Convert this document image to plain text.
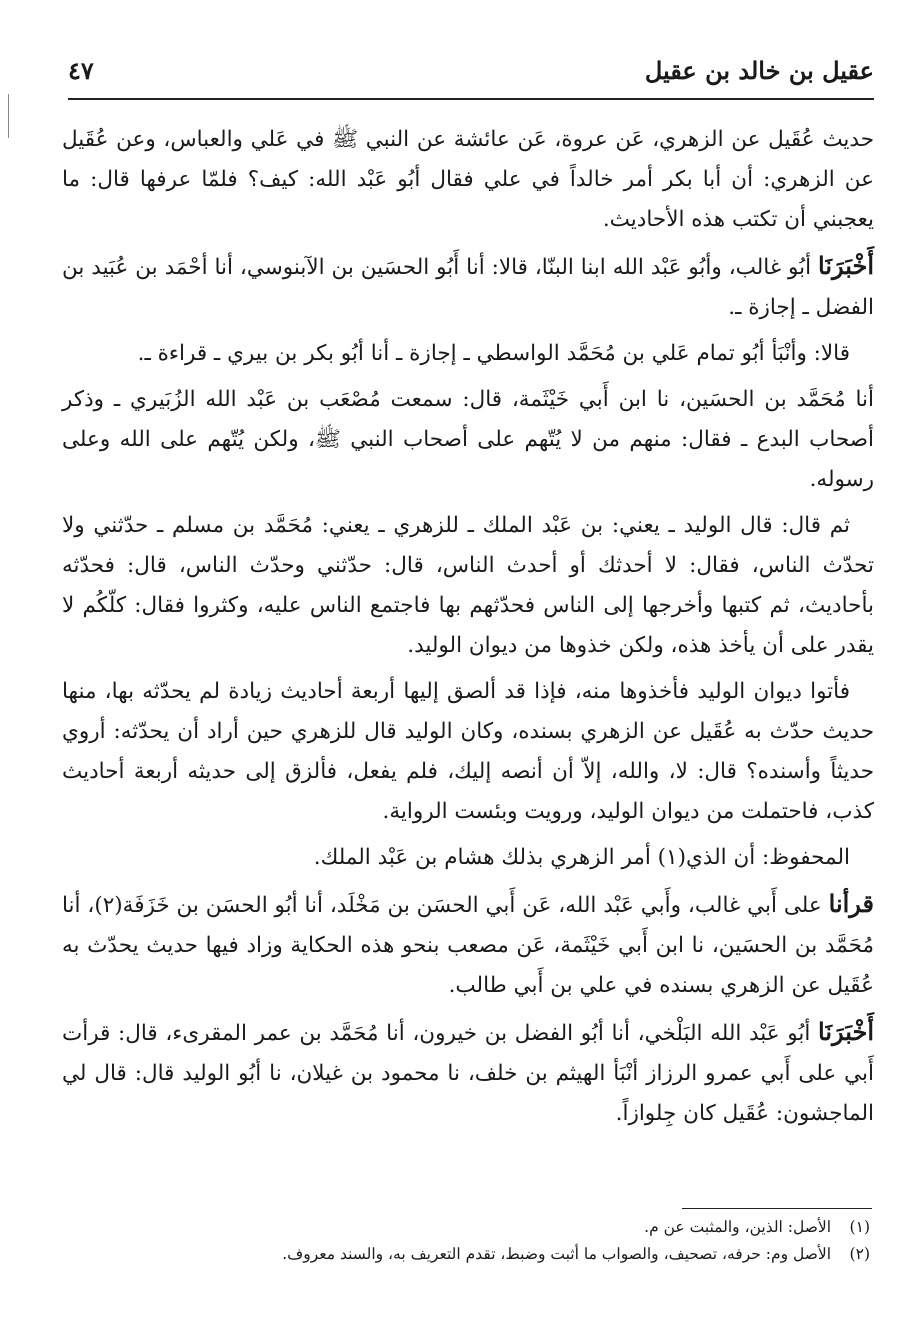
عقيل بن خالد بن عقيل
٤٧

حديث عُقَيل عن الزهري، عَن عروة، عَن عائشة عن النبي ﷺ في عَلي والعباس، وعن عُقَيل عن الزهري: أن أبا بكر أمر خالداً في علي فقال أبُو عَبْد الله: كيف؟ فلمّا عرفها قال: ما يعجبني أن تكتب هذه الأحاديث.

أَخْبَرَنَا أبُو غالب، وأبُو عَبْد الله ابنا البنّا، قالا: أنا أَبُو الحسَين بن الآبنوسي، أنا أحْمَد بن عُبَيد بن الفضل ـ إجازة ـ.

قالا: وأنْبَأ أبُو تمام عَلي بن مُحَمَّد الواسطي ـ إجازة ـ أنا أبُو بكر بن بيري ـ قراءة ـ.

أنا مُحَمَّد بن الحسَين، نا ابن أَبي خَيْثَمة، قال: سمعت مُصْعَب بن عَبْد الله الزُبَيري ـ وذكر أصحاب البدع ـ فقال: منهم من لا يُتّهم على أصحاب النبي ﷺ، ولكن يُتّهم على الله وعلى رسوله.

ثم قال: قال الوليد ـ يعني: بن عَبْد الملك ـ للزهري ـ يعني: مُحَمَّد بن مسلم ـ حدّثني ولا تحدّث الناس، فقال: لا أحدثك أو أحدث الناس، قال: حدّثني وحدّث الناس، قال: فحدّثه بأحاديث، ثم كتبها وأخرجها إلى الناس فحدّثهم بها فاجتمع الناس عليه، وكثروا فقال: كلّكُم لا يقدر على أن يأخذ هذه، ولكن خذوها من ديوان الوليد.

فأتوا ديوان الوليد فأخذوها منه، فإذا قد ألصق إليها أربعة أحاديث زيادة لم يحدّثه بها، منها حديث حدّث به عُقَيل عن الزهري بسنده، وكان الوليد قال للزهري حين أراد أن يحدّثه: أروي حديثاً وأسنده؟ قال: لا، والله، إلاّ أن أنصه إليك، فلم يفعل، فألزق إلى حديثه أربعة أحاديث كذب، فاحتملت من ديوان الوليد، ورويت وبئست الرواية.

المحفوظ: أن الذي(١) أمر الزهري بذلك هشام بن عَبْد الملك.

قرأنا على أَبي غالب، وأَبي عَبْد الله، عَن أَبي الحسَن بن مَخْلَد، أنا أبُو الحسَن بن خَزَفَة(٢)، أنا مُحَمَّد بن الحسَين، نا ابن أَبي خَيْثَمة، عَن مصعب بنحو هذه الحكاية وزاد فيها حديث يحدّث به عُقَيل عن الزهري بسنده في علي بن أَبي طالب.

أَخْبَرَنَا أبُو عَبْد الله البَلْخي، أنا أبُو الفضل بن خيرون، أنا مُحَمَّد بن عمر المقرىء، قال: قرأت أَبي على أَبي عمرو الرزاز أنْبَأ الهيثم بن خلف، نا محمود بن غيلان، نا أبُو الوليد قال: قال لي الماجشون: عُقَيل كان جِلوازاً.

(١) الأصل: الذين، والمثبت عن م.

(٢) الأصل وم: حرفه، تصحيف، والصواب ما أثبت وضبط، تقدم التعريف به، والسند معروف.
